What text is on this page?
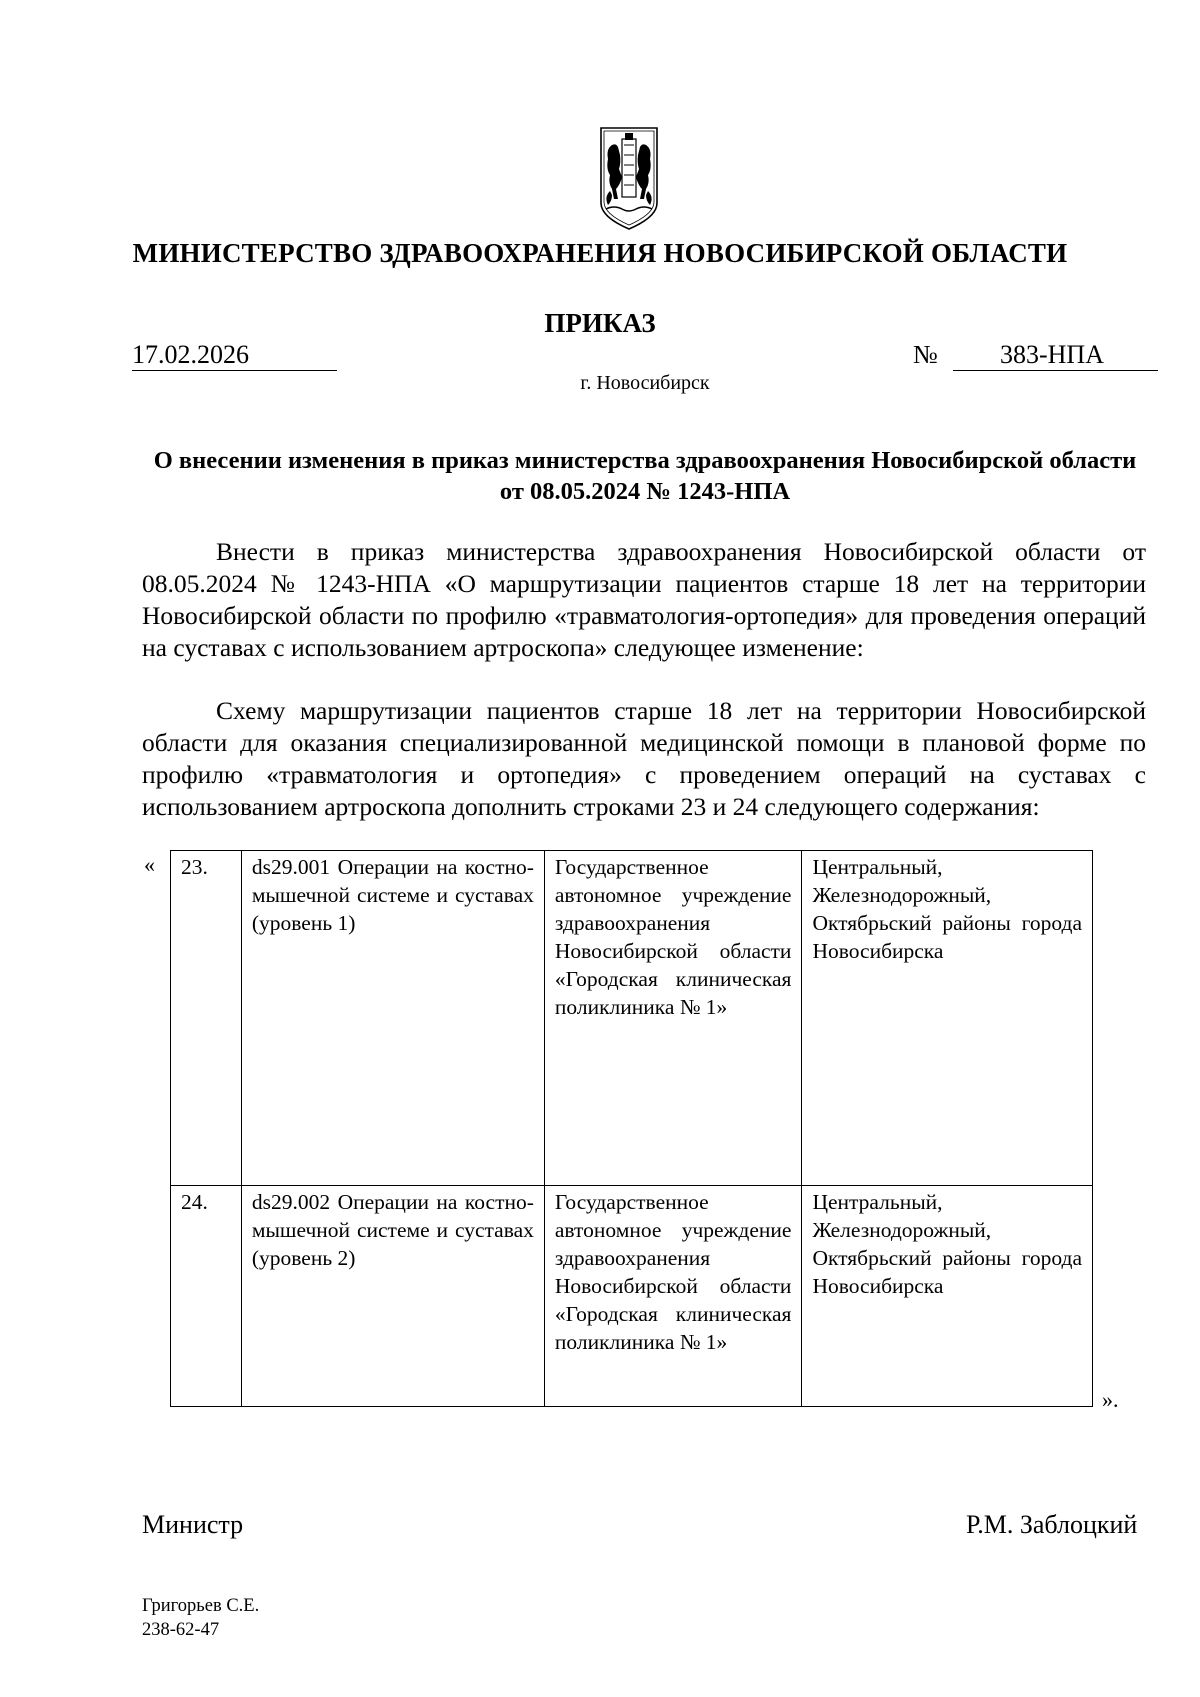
МИНИСТЕРСТВО ЗДРАВООХРАНЕНИЯ НОВОСИБИРСКОЙ ОБЛАСТИ
ПРИКАЗ
17.02.2026	№ 383-НПА
г. Новосибирск
О внесении изменения в приказ министерства здравоохранения Новосибирской области от 08.05.2024 № 1243-НПА
Внести в приказ министерства здравоохранения Новосибирской области от 08.05.2024 № 1243-НПА «О маршрутизации пациентов старше 18 лет на территории Новосибирской области по профилю «травматология-ортопедия» для проведения операций на суставах с использованием артроскопа» следующее изменение:
Схему маршрутизации пациентов старше 18 лет на территории Новосибирской области для оказания специализированной медицинской помощи в плановой форме по профилю «травматология и ортопедия» с проведением операций на суставах с использованием артроскопа дополнить строками 23 и 24 следующего содержания:
« 23.	ds29.001 Операции на костно-мышечной системе и суставах (уровень 1)	Государственное автономное учреждение здравоохранения Новосибирской области «Городская клиническая поликлиника № 1»	Центральный, Железнодорожный, Октябрьский районы города Новосибирска
24.	ds29.002 Операции на костно-мышечной системе и суставах (уровень 2)	Государственное автономное учреждение здравоохранения Новосибирской области «Городская клиническая поликлиника № 1»	Центральный, Железнодорожный, Октябрьский районы города Новосибирска
».
Министр	Р.М. Заблоцкий
Григорьев С.Е.
238-62-47
